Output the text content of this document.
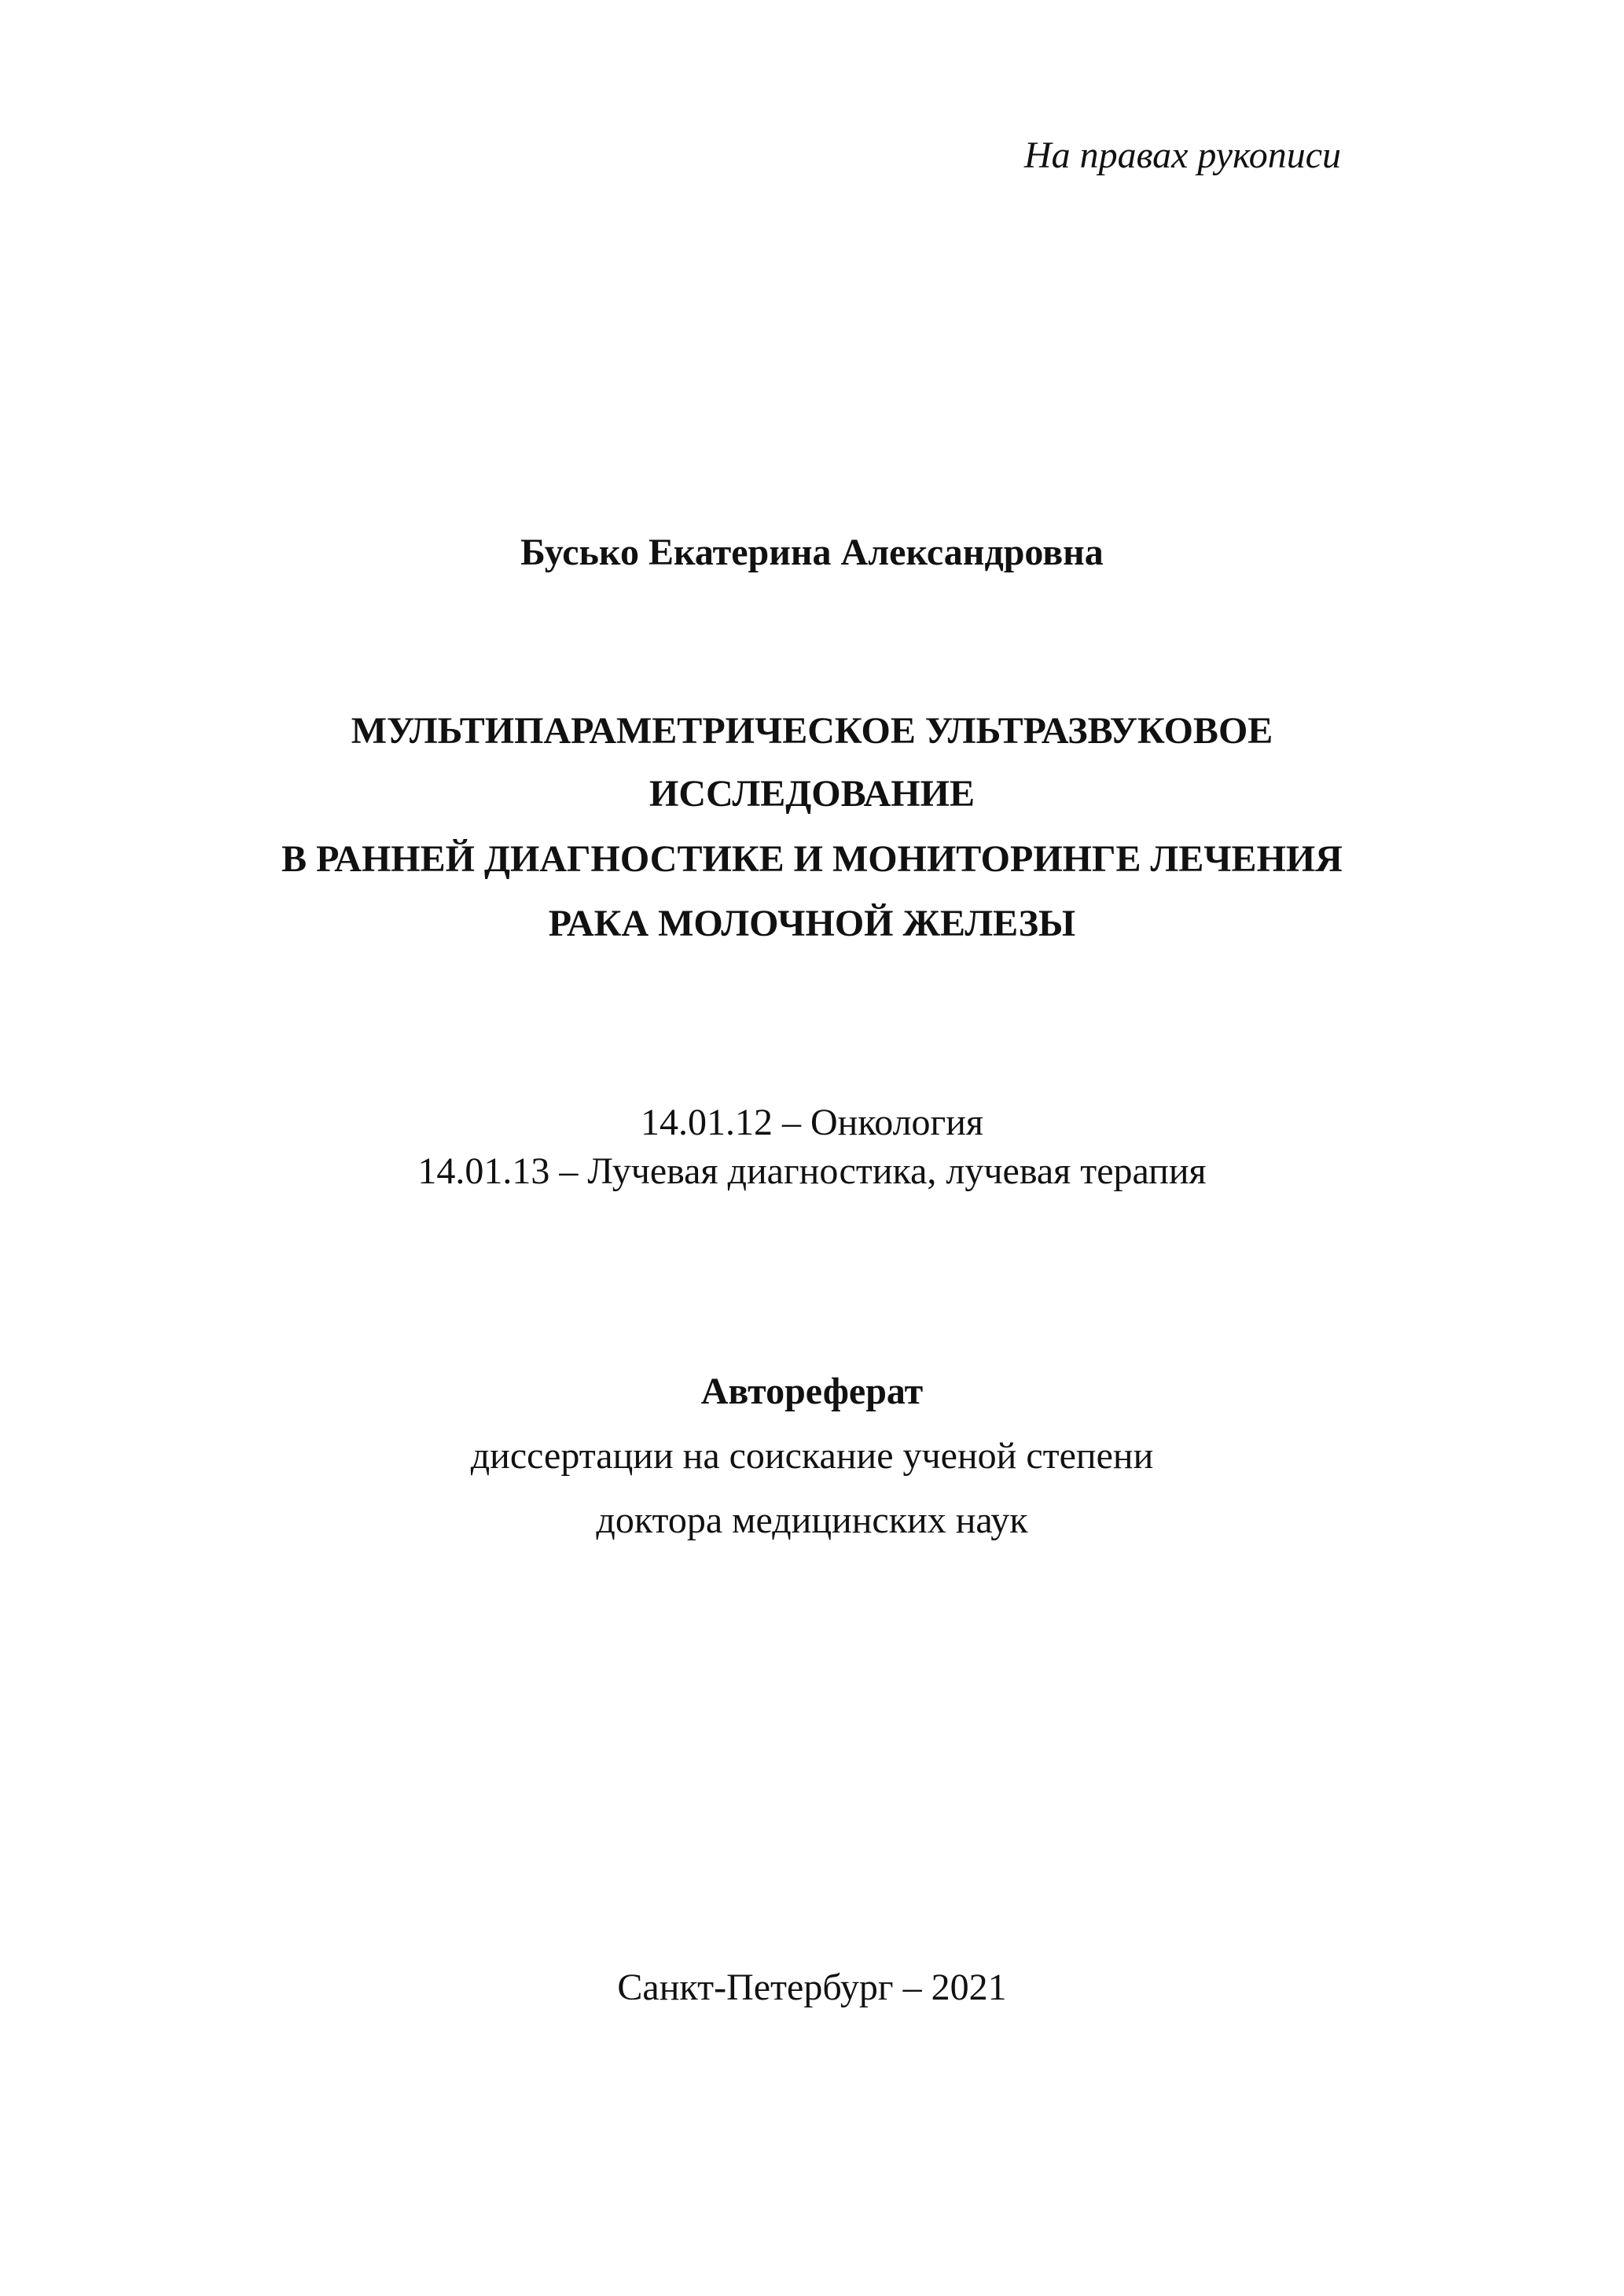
На правах рукописи
Бусько Екатерина Александровна
МУЛЬТИПАРАМЕТРИЧЕСКОЕ УЛЬТРАЗВУКОВОЕ
ИССЛЕДОВАНИЕ
В РАННЕЙ ДИАГНОСТИКЕ И МОНИТОРИНГЕ ЛЕЧЕНИЯ
РАКА МОЛОЧНОЙ ЖЕЛЕЗЫ
14.01.12 – Онкология
14.01.13 – Лучевая диагностика, лучевая терапия
Автореферат
диссертации на соискание ученой степени
доктора медицинских наук
Санкт-Петербург – 2021
